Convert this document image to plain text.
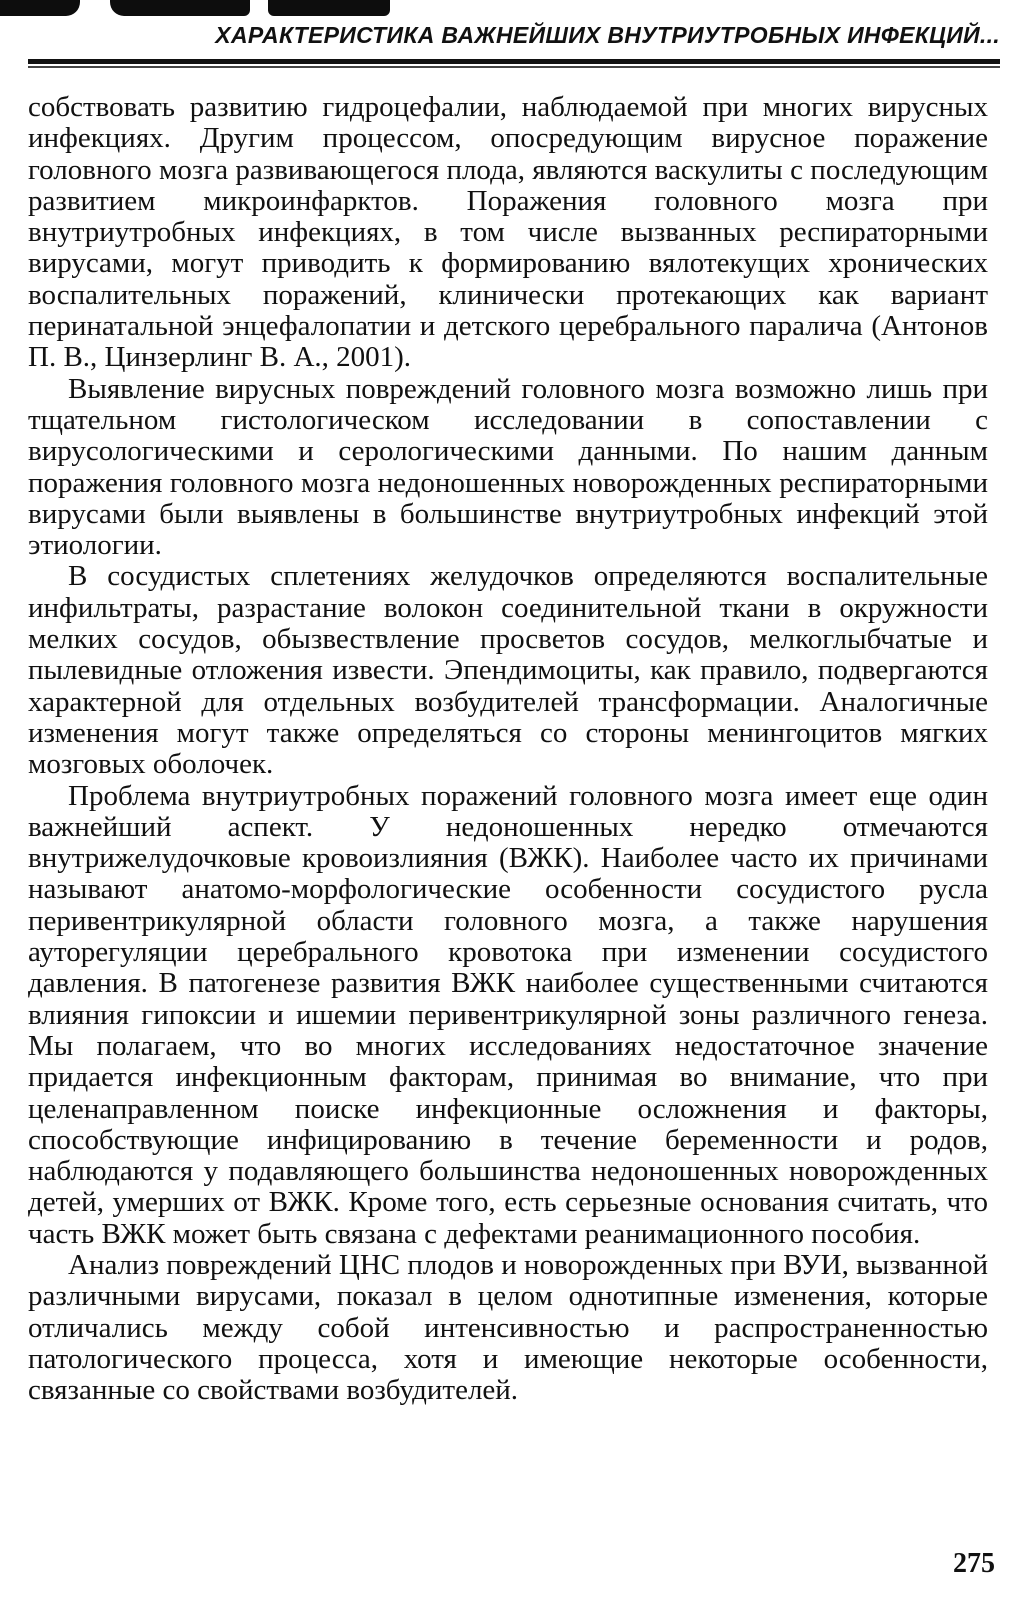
ХАРАКТЕРИСТИКА ВАЖНЕЙШИХ ВНУТРИУТРОБНЫХ ИНФЕКЦИЙ...

собствовать развитию гидроцефалии, наблюдаемой при многих вирусных инфекциях. Другим процессом, опосредующим вирусное поражение головного мозга развивающегося плода, являются васкулиты с последующим развитием микроинфарктов. Поражения головного мозга при внутриутробных инфекциях, в том числе вызванных респираторными вирусами, могут приводить к формированию вялотекущих хронических воспалительных поражений, клинически протекающих как вариант перинатальной энцефалопатии и детского церебрального паралича (Антонов П. В., Цинзерлинг В. А., 2001).

Выявление вирусных повреждений головного мозга возможно лишь при тщательном гистологическом исследовании в сопоставлении с вирусологическими и серологическими данными. По нашим данным поражения головного мозга недоношенных новорожденных респираторными вирусами были выявлены в большинстве внутриутробных инфекций этой этиологии.

В сосудистых сплетениях желудочков определяются воспалительные инфильтраты, разрастание волокон соединительной ткани в окружности мелких сосудов, обызвествление просветов сосудов, мелкоглыбчатые и пылевидные отложения извести. Эпендимоциты, как правило, подвергаются характерной для отдельных возбудителей трансформации. Аналогичные изменения могут также определяться со стороны менингоцитов мягких мозговых оболочек.

Проблема внутриутробных поражений головного мозга имеет еще один важнейший аспект. У недоношенных нередко отмечаются внутрижелудочковые кровоизлияния (ВЖК). Наиболее часто их причинами называют анатомо-морфологические особенности сосудистого русла перивентрикулярной области головного мозга, а также нарушения ауторегуляции церебрального кровотока при изменении сосудистого давления. В патогенезе развития ВЖК наиболее существенными считаются влияния гипоксии и ишемии перивентрикулярной зоны различного генеза. Мы полагаем, что во многих исследованиях недостаточное значение придается инфекционным факторам, принимая во внимание, что при целенаправленном поиске инфекционные осложнения и факторы, способствующие инфицированию в течение беременности и родов, наблюдаются у подавляющего большинства недоношенных новорожденных детей, умерших от ВЖК. Кроме того, есть серьезные основания считать, что часть ВЖК может быть связана с дефектами реанимационного пособия.

Анализ повреждений ЦНС плодов и новорожденных при ВУИ, вызванной различными вирусами, показал в целом однотипные изменения, которые отличались между собой интенсивностью и распространенностью патологического процесса, хотя и имеющие некоторые особенности, связанные со свойствами возбудителей.

275
